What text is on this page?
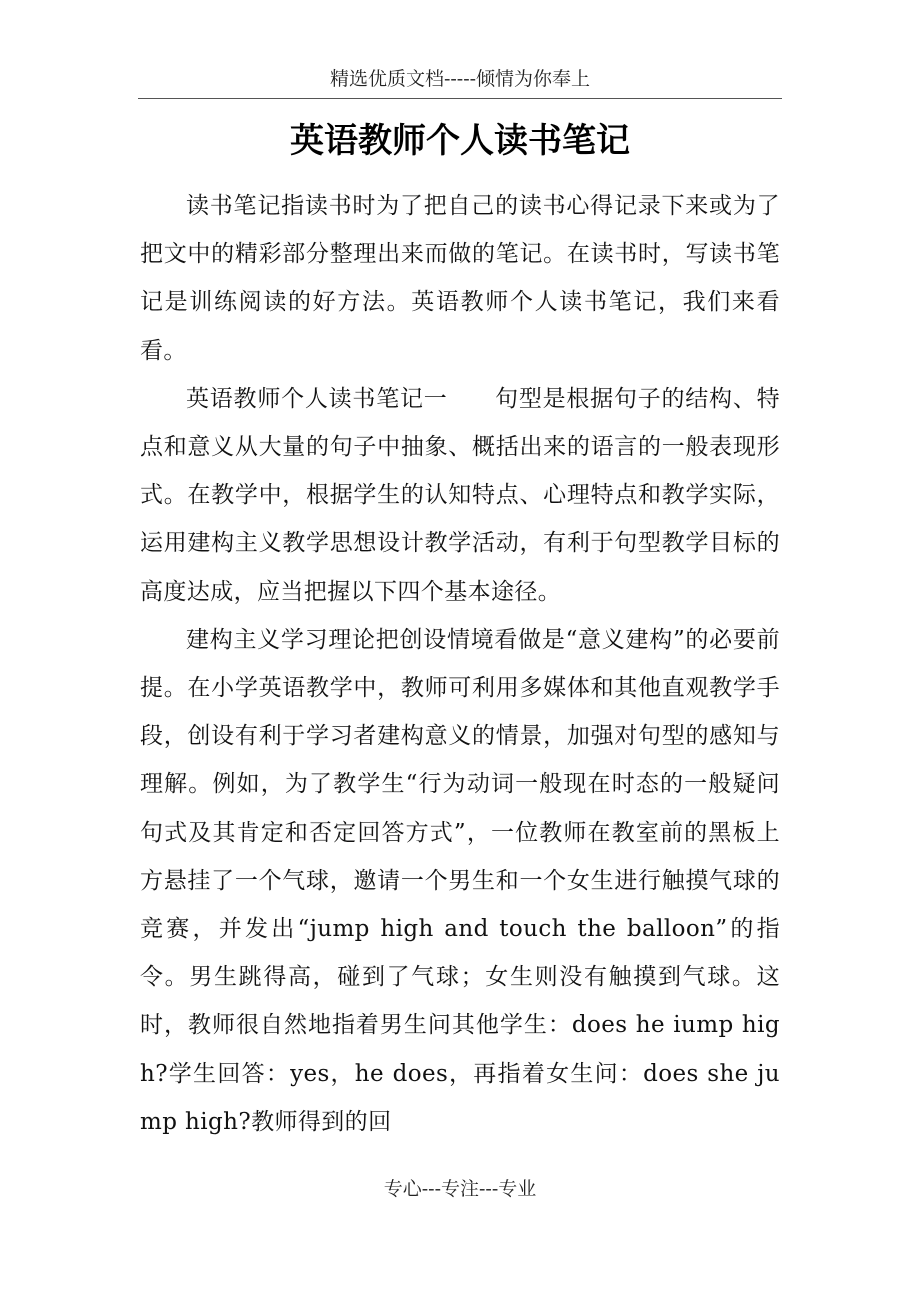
精选优质文档-----倾情为你奉上
英语教师个人读书笔记

读书笔记指读书时为了把自己的读书心得记录下来或为了把文中的精彩部分整理出来而做的笔记。在读书时，写读书笔记是训练阅读的好方法。英语教师个人读书笔记，我们来看看。

英语教师个人读书笔记一　　句型是根据句子的结构、特点和意义从大量的句子中抽象、概括出来的语言的一般表现形式。在教学中，根据学生的认知特点、心理特点和教学实际，运用建构主义教学思想设计教学活动，有利于句型教学目标的高度达成，应当把握以下四个基本途径。

建构主义学习理论把创设情境看做是“意义建构”的必要前提。在小学英语教学中，教师可利用多媒体和其他直观教学手段，创设有利于学习者建构意义的情景，加强对句型的感知与理解。例如，为了教学生“行为动词一般现在时态的一般疑问句式及其肯定和否定回答方式”，一位教师在教室前的黑板上方悬挂了一个气球，邀请一个男生和一个女生进行触摸气球的竞赛，并发出“jump high and touch the balloon”的指令。男生跳得高，碰到了气球；女生则没有触摸到气球。这时，教师很自然地指着男生问其他学生：does he iump high?学生回答：yes，he does，再指着女生问：does she jump high?教师得到的回

专心---专注---专业
